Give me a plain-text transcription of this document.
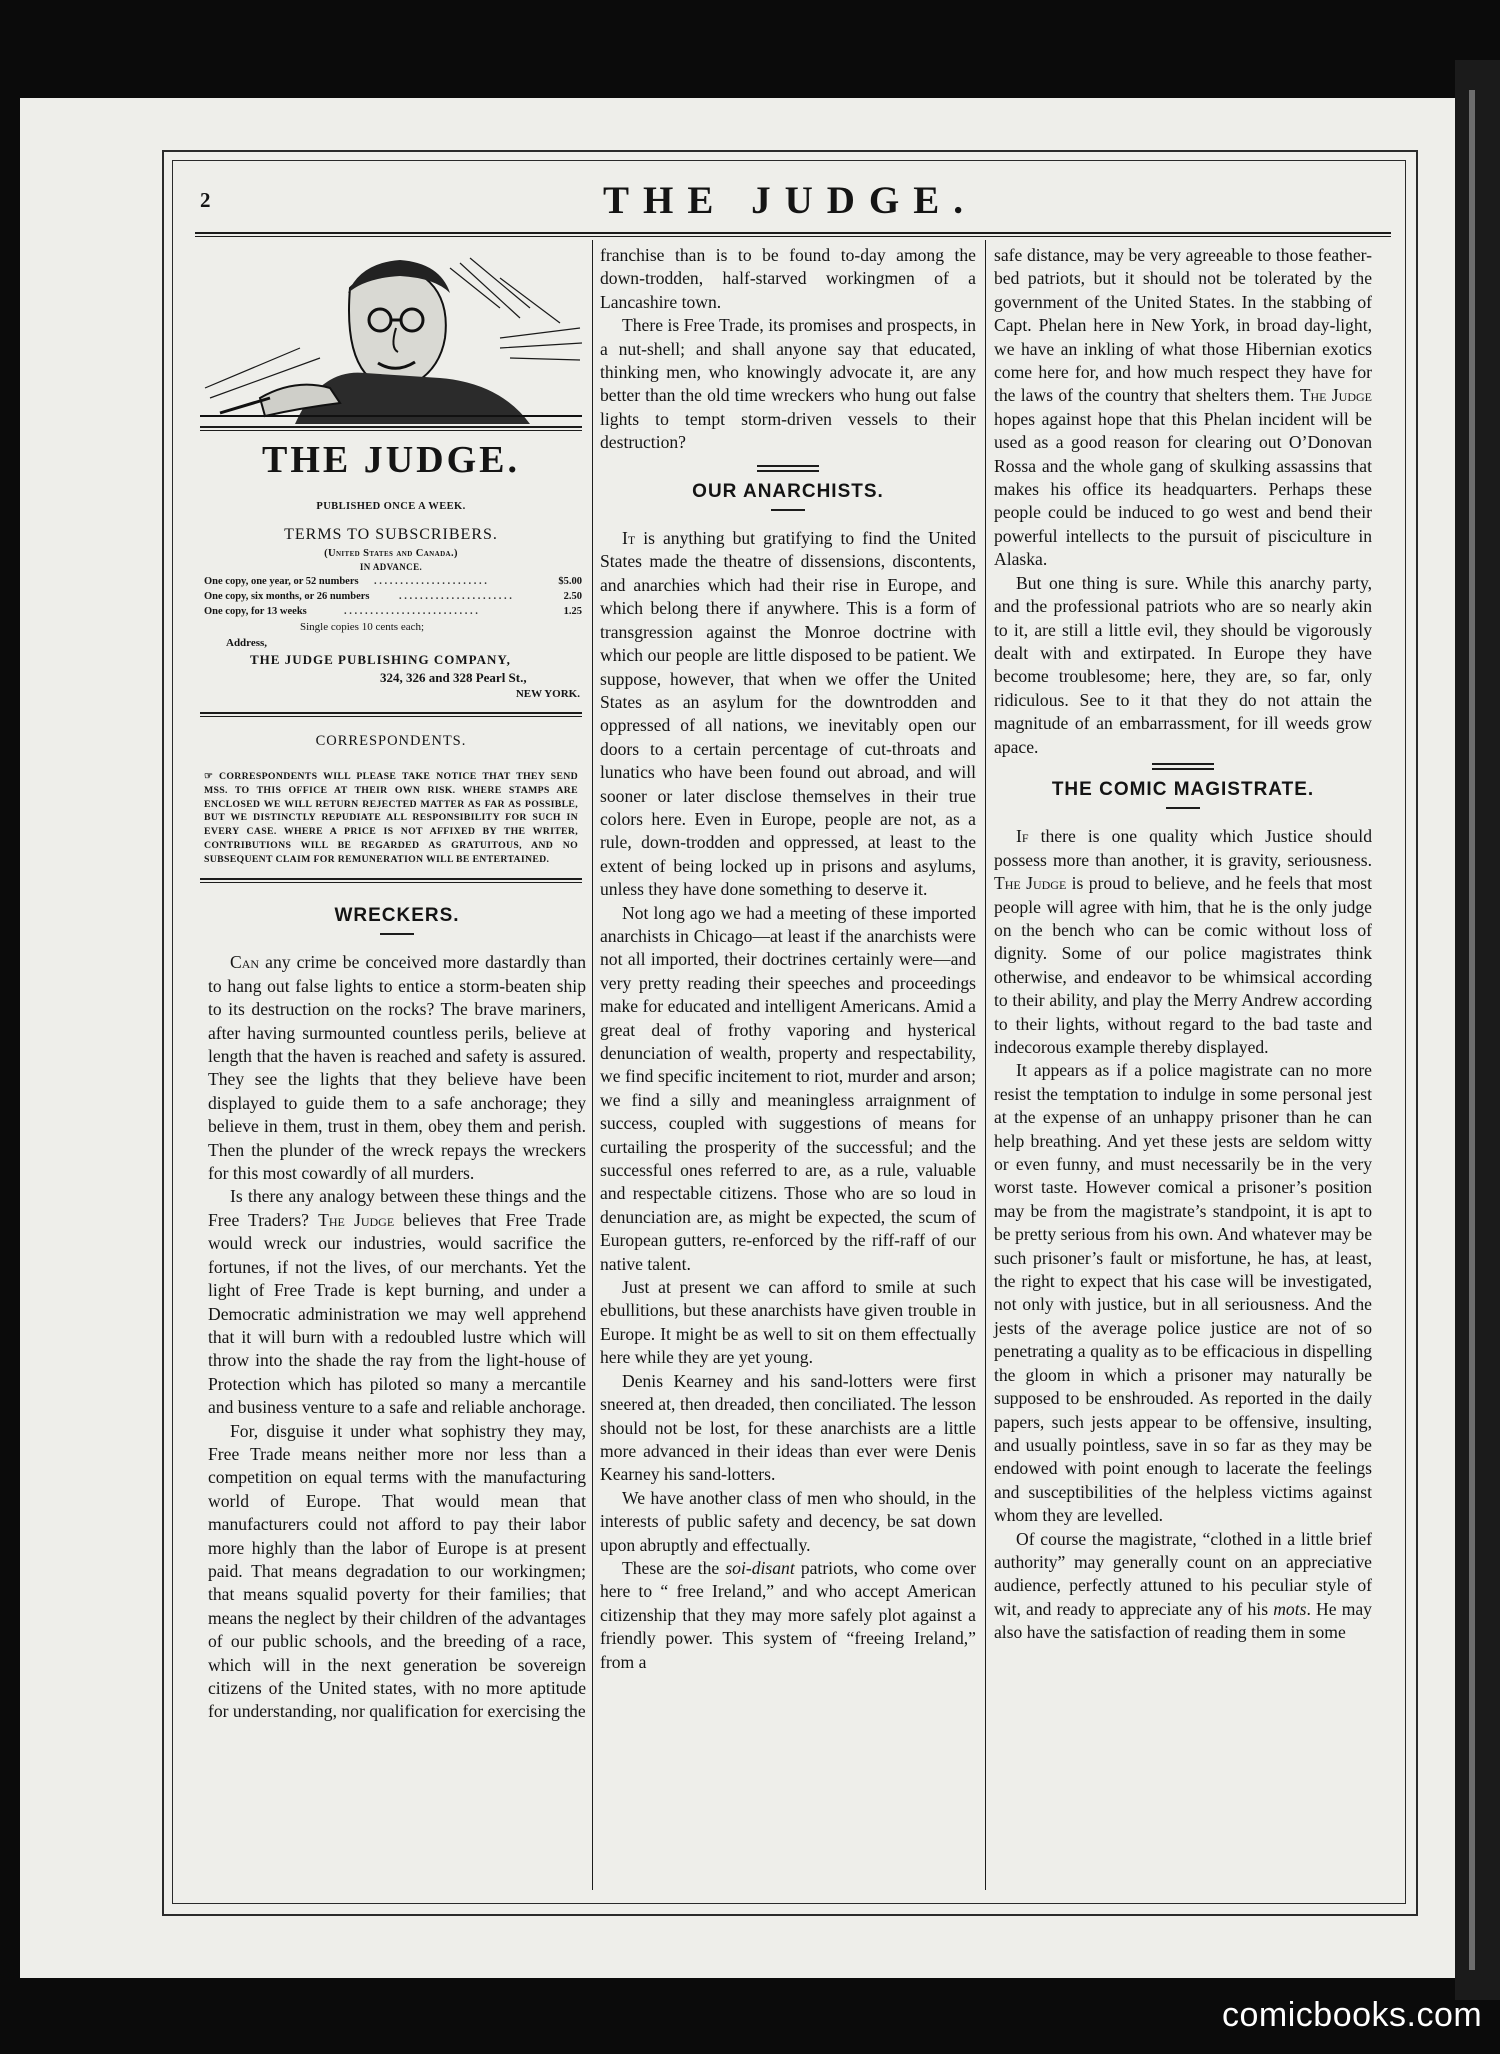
2	THE JUDGE.
THE JUDGE.
PUBLISHED ONCE A WEEK.
TERMS TO SUBSCRIBERS.
(United States and Canada.)
IN ADVANCE.
One copy, one year, or 52 numbers . . . . . . . . . . . . . . . . . . . . . .	$5.00
One copy, six months, or 26 numbers	. . . . . . . . . . . . . . . . . . . . . .	2.50
One copy, for 13 weeks	. . . . . . . . . . . . . . . . . . . . . . . . . .	1.25
Single copies 10 cents each;
Address,
THE JUDGE PUBLISHING COMPANY,
324, 326 and 328 Pearl St.,
NEW YORK.
CORRESPONDENTS.
☞ CORRESPONDENTS WILL PLEASE TAKE NOTICE THAT THEY SEND MSS. TO THIS OFFICE AT THEIR OWN RISK. WHERE STAMPS ARE ENCLOSED WE WILL RETURN REJECTED MATTER AS FAR AS POSSIBLE, BUT WE DISTINCTLY REPUDIATE ALL RESPONSIBILITY FOR SUCH IN EVERY CASE. WHERE A PRICE IS NOT AFFIXED BY THE WRITER, CONTRIBUTIONS WILL BE REGARDED AS GRATUITOUS, AND NO SUBSEQUENT CLAIM FOR REMUNERATION WILL BE ENTERTAINED.
WRECKERS.

Can any crime be conceived more dastardly than to hang out false lights to entice a storm-beaten ship to its destruction on the rocks? The brave mariners, after having surmounted countless perils, believe at length that the haven is reached and safety is assured. They see the lights that they believe have been displayed to guide them to a safe anchorage; they believe in them, trust in them, obey them and perish. Then the plunder of the wreck repays the wreckers for this most cowardly of all murders.

Is there any analogy between these things and the Free Traders? The Judge believes that Free Trade would wreck our industries, would sacrifice the fortunes, if not the lives, of our merchants. Yet the light of Free Trade is kept burning, and under a Democratic administration we may well apprehend that it will burn with a redoubled lustre which will throw into the shade the ray from the light-house of Protection which has piloted so many a mercantile and business venture to a safe and reliable anchorage.

For, disguise it under what sophistry they may, Free Trade means neither more nor less than a competition on equal terms with the manufacturing world of Europe. That would mean that manufacturers could not afford to pay their labor more highly than the labor of Europe is at present paid. That means degradation to our workingmen; that means squalid poverty for their families; that means the neglect by their children of the advantages of our public schools, and the breeding of a race, which will in the next generation be sovereign citizens of the United states, with no more aptitude for understanding, nor qualification for exercising the

franchise than is to be found to-day among the down-trodden, half-starved workingmen of a Lancashire town.

There is Free Trade, its promises and prospects, in a nut-shell; and shall anyone say that educated, thinking men, who knowingly advocate it, are any better than the old time wreckers who hung out false lights to tempt storm-driven vessels to their destruction?

OUR ANARCHISTS.

It is anything but gratifying to find the United States made the theatre of dissensions, discontents, and anarchies which had their rise in Europe, and which belong there if anywhere. This is a form of transgression against the Monroe doctrine with which our people are little disposed to be patient. We suppose, however, that when we offer the United States as an asylum for the downtrodden and oppressed of all nations, we inevitably open our doors to a certain percentage of cut-throats and lunatics who have been found out abroad, and will sooner or later disclose themselves in their true colors here. Even in Europe, people are not, as a rule, down-trodden and oppressed, at least to the extent of being locked up in prisons and asylums, unless they have done something to deserve it.

Not long ago we had a meeting of these imported anarchists in Chicago—at least if the anarchists were not all imported, their doctrines certainly were—and very pretty reading their speeches and proceedings make for educated and intelligent Americans. Amid a great deal of frothy vaporing and hysterical denunciation of wealth, property and respectability, we find specific incitement to riot, murder and arson; we find a silly and meaningless arraignment of success, coupled with suggestions of means for curtailing the prosperity of the successful; and the successful ones referred to are, as a rule, valuable and respectable citizens. Those who are so loud in denunciation are, as might be expected, the scum of European gutters, re-enforced by the riff-raff of our native talent.

Just at present we can afford to smile at such ebullitions, but these anarchists have given trouble in Europe. It might be as well to sit on them effectually here while they are yet young.

Denis Kearney and his sand-lotters were first sneered at, then dreaded, then conciliated. The lesson should not be lost, for these anarchists are a little more advanced in their ideas than ever were Denis Kearney his sand-lotters.

We have another class of men who should, in the interests of public safety and decency, be sat down upon abruptly and effectually.

These are the soi-disant patriots, who come over here to “ free Ireland,” and who accept American citizenship that they may more safely plot against a friendly power. This system of “freeing Ireland,” from a

safe distance, may be very agreeable to those feather-bed patriots, but it should not be tolerated by the government of the United States. In the stabbing of Capt. Phelan here in New York, in broad day-light, we have an inkling of what those Hibernian exotics come here for, and how much respect they have for the laws of the country that shelters them. The Judge hopes against hope that this Phelan incident will be used as a good reason for clearing out O’Donovan Rossa and the whole gang of skulking assassins that makes his office its headquarters. Perhaps these people could be induced to go west and bend their powerful intellects to the pursuit of pisciculture in Alaska.

But one thing is sure. While this anarchy party, and the professional patriots who are so nearly akin to it, are still a little evil, they should be vigorously dealt with and extirpated. In Europe they have become troublesome; here, they are, so far, only ridiculous. See to it that they do not attain the magnitude of an embarrassment, for ill weeds grow apace.

THE COMIC MAGISTRATE.

If there is one quality which Justice should possess more than another, it is gravity, seriousness. The Judge is proud to believe, and he feels that most people will agree with him, that he is the only judge on the bench who can be comic without loss of dignity. Some of our police magistrates think otherwise, and endeavor to be whimsical according to their ability, and play the Merry Andrew according to their lights, without regard to the bad taste and indecorous example thereby displayed.

It appears as if a police magistrate can no more resist the temptation to indulge in some personal jest at the expense of an unhappy prisoner than he can help breathing. And yet these jests are seldom witty or even funny, and must necessarily be in the very worst taste. However comical a prisoner’s position may be from the magistrate’s standpoint, it is apt to be pretty serious from his own. And whatever may be such prisoner’s fault or misfortune, he has, at least, the right to expect that his case will be investigated, not only with justice, but in all seriousness. And the jests of the average police justice are not of so penetrating a quality as to be efficacious in dispelling the gloom in which a prisoner may naturally be supposed to be enshrouded. As reported in the daily papers, such jests appear to be offensive, insulting, and usually pointless, save in so far as they may be endowed with point enough to lacerate the feelings and susceptibilities of the helpless victims against whom they are levelled.

Of course the magistrate, “clothed in a little brief authority” may generally count on an appreciative audience, perfectly attuned to his peculiar style of wit, and ready to appreciate any of his mots. He may also have the satisfaction of reading them in some

comicbooks.com
